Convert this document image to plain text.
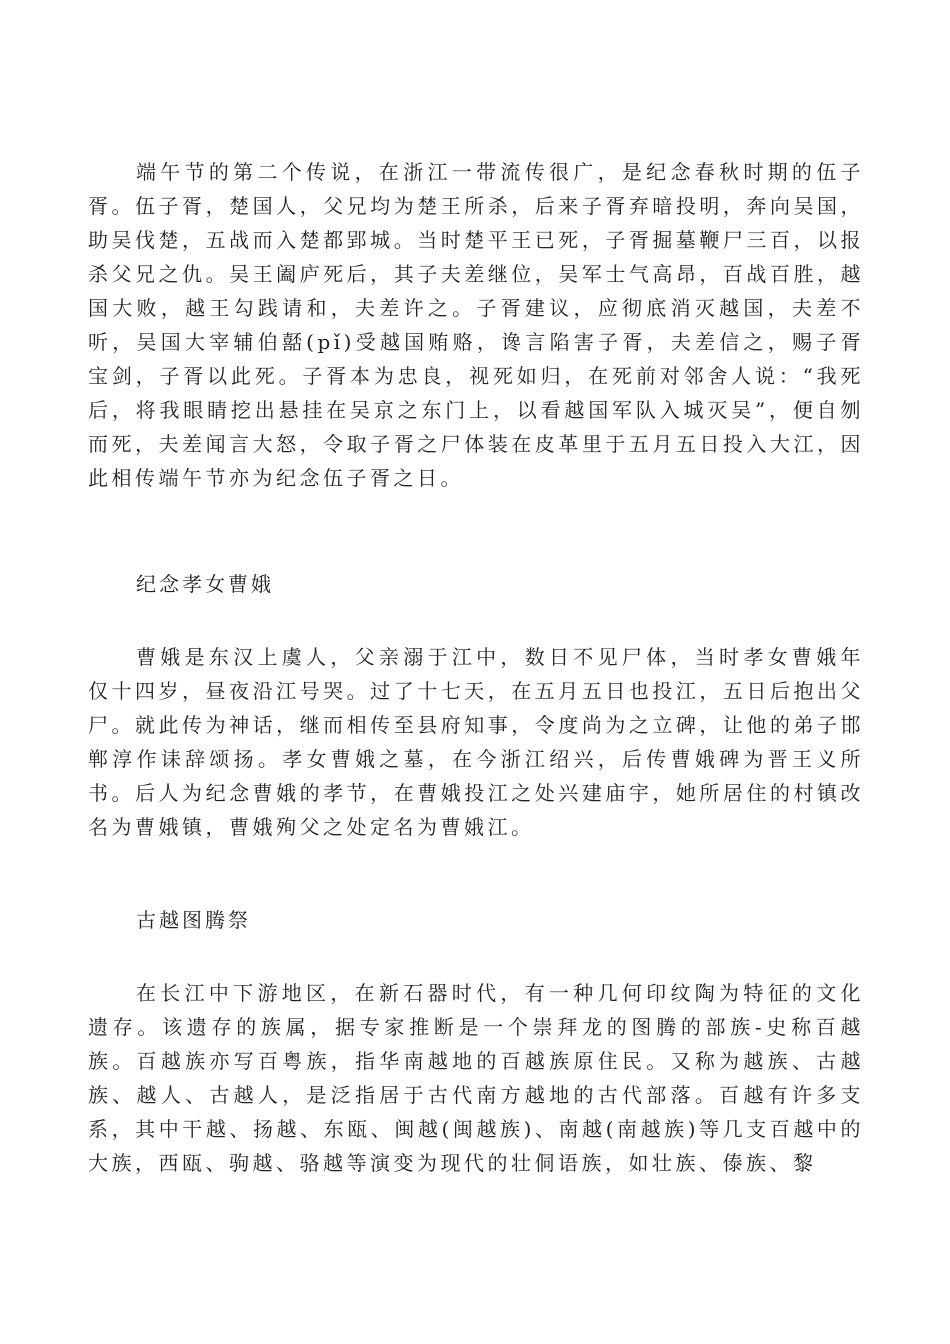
端午节的第二个传说，在浙江一带流传很广，是纪念春秋时期的伍子胥。伍子胥，楚国人，父兄均为楚王所杀，后来子胥弃暗投明，奔向吴国，助吴伐楚，五战而入楚都郢城。当时楚平王已死，子胥掘墓鞭尸三百，以报杀父兄之仇。吴王阖庐死后，其子夫差继位，吴军士气高昂，百战百胜，越国大败，越王勾践请和，夫差许之。子胥建议，应彻底消灭越国，夫差不听，吴国大宰辅伯嚭(pǐ)受越国贿赂，谗言陷害子胥，夫差信之，赐子胥宝剑，子胥以此死。子胥本为忠良，视死如归，在死前对邻舍人说：“我死后，将我眼睛挖出悬挂在吴京之东门上，以看越国军队入城灭吴”，便自刎而死，夫差闻言大怒，令取子胥之尸体装在皮革里于五月五日投入大江，因此相传端午节亦为纪念伍子胥之日。

纪念孝女曹娥

曹娥是东汉上虞人，父亲溺于江中，数日不见尸体，当时孝女曹娥年仅十四岁，昼夜沿江号哭。过了十七天，在五月五日也投江，五日后抱出父尸。就此传为神话，继而相传至县府知事，令度尚为之立碑，让他的弟子邯郸淳作诔辞颂扬。孝女曹娥之墓，在今浙江绍兴，后传曹娥碑为晋王义所书。后人为纪念曹娥的孝节，在曹娥投江之处兴建庙宇，她所居住的村镇改名为曹娥镇，曹娥殉父之处定名为曹娥江。

古越图腾祭

在长江中下游地区，在新石器时代，有一种几何印纹陶为特征的文化遗存。该遗存的族属，据专家推断是一个崇拜龙的图腾的部族-史称百越族。百越族亦写百粤族，指华南越地的百越族原住民。又称为越族、古越族、越人、古越人，是泛指居于古代南方越地的古代部落。百越有许多支系，其中干越、扬越、东瓯、闽越(闽越族)、南越(南越族)等几支百越中的大族，西瓯、驹越、骆越等演变为现代的壮侗语族，如壮族、傣族、黎
